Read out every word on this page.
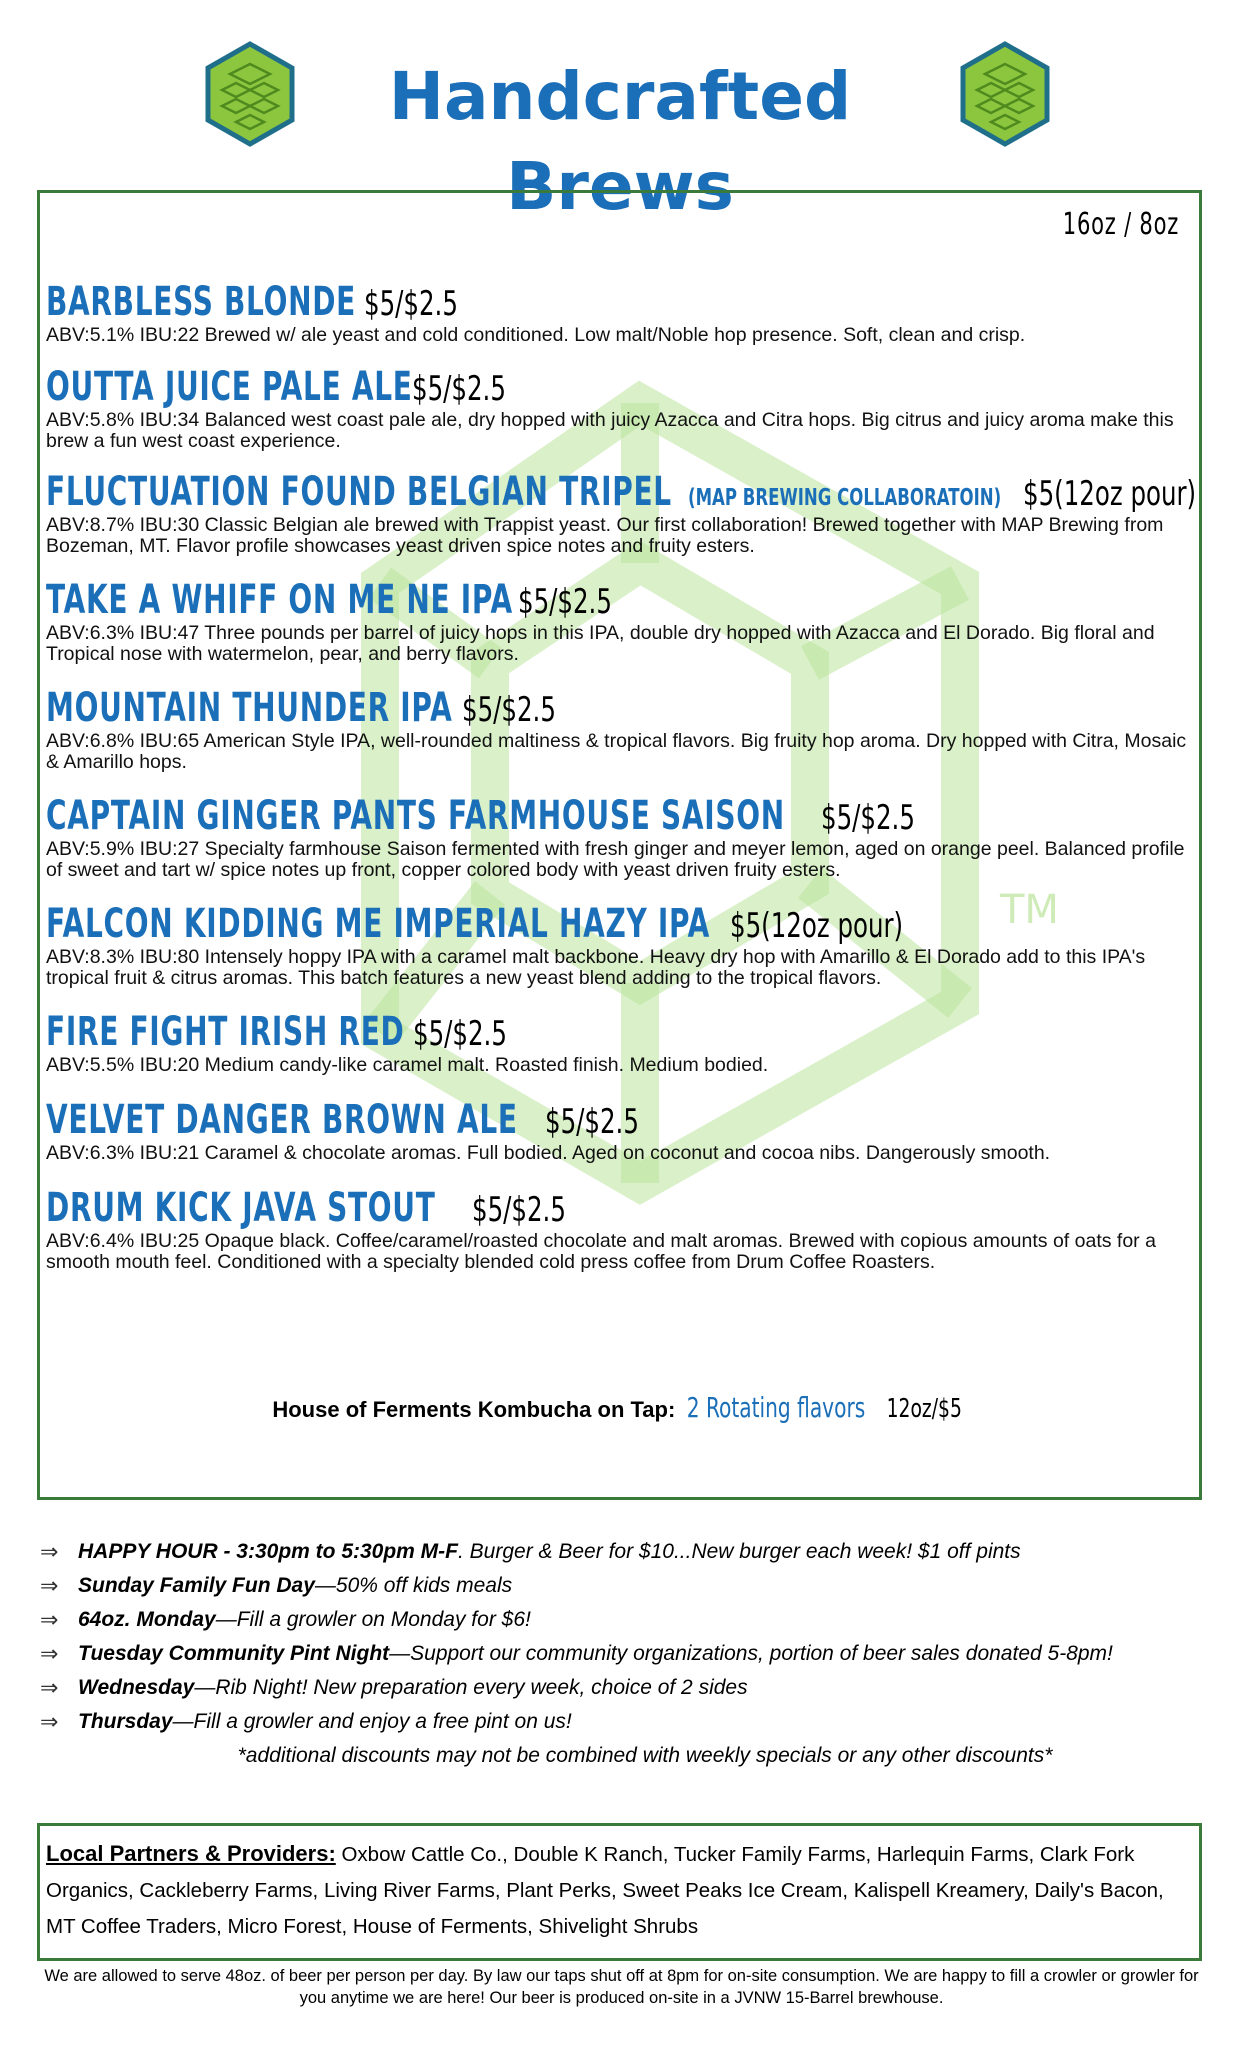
Handcrafted Brews
TM
16oz / 8oz
BARBLESS BLONDE $5/$2.5
ABV:5.1% IBU:22 Brewed w/ ale yeast and cold conditioned. Low malt/Noble hop presence. Soft, clean and crisp.
OUTTA JUICE PALE ALE$5/$2.5
ABV:5.8% IBU:34 Balanced west coast pale ale, dry hopped with juicy Azacca and Citra hops. Big citrus and juicy aroma make this brew a fun west coast experience.
FLUCTUATION FOUND BELGIAN TRIPEL (MAP BREWING COLLABORATOIN) $5(12oz pour)
ABV:8.7% IBU:30 Classic Belgian ale brewed with Trappist yeast. Our first collaboration! Brewed together with MAP Brewing from Bozeman, MT. Flavor profile showcases yeast driven spice notes and fruity esters.
TAKE A WHIFF ON ME NE IPA $5/$2.5
ABV:6.3% IBU:47 Three pounds per barrel of juicy hops in this IPA, double dry hopped with Azacca and El Dorado. Big floral and Tropical nose with watermelon, pear, and berry flavors.
MOUNTAIN THUNDER IPA $5/$2.5
ABV:6.8% IBU:65 American Style IPA, well-rounded maltiness & tropical flavors. Big fruity hop aroma. Dry hopped with Citra, Mosaic & Amarillo hops.
CAPTAIN GINGER PANTS FARMHOUSE SAISON $5/$2.5
ABV:5.9% IBU:27 Specialty farmhouse Saison fermented with fresh ginger and meyer lemon, aged on orange peel. Balanced profile of sweet and tart w/ spice notes up front, copper colored body with yeast driven fruity esters.
FALCON KIDDING ME IMPERIAL HAZY IPA $5(12oz pour)
ABV:8.3% IBU:80 Intensely hoppy IPA with a caramel malt backbone. Heavy dry hop with Amarillo & El Dorado add to this IPA's tropical fruit & citrus aromas. This batch features a new yeast blend adding to the tropical flavors.
FIRE FIGHT IRISH RED $5/$2.5
ABV:5.5% IBU:20 Medium candy-like caramel malt. Roasted finish. Medium bodied.
VELVET DANGER BROWN ALE $5/$2.5
ABV:6.3% IBU:21 Caramel & chocolate aromas. Full bodied. Aged on coconut and cocoa nibs. Dangerously smooth.
DRUM KICK JAVA STOUT $5/$2.5
ABV:6.4% IBU:25 Opaque black. Coffee/caramel/roasted chocolate and malt aromas. Brewed with copious amounts of oats for a smooth mouth feel. Conditioned with a specialty blended cold press coffee from Drum Coffee Roasters.
House of Ferments Kombucha on Tap: 2 Rotating flavors 12oz/$5
⇒ HAPPY HOUR - 3:30pm to 5:30pm M-F. Burger & Beer for $10...New burger each week! $1 off pints
⇒ Sunday Family Fun Day—50% off kids meals
⇒ 64oz. Monday—Fill a growler on Monday for $6!
⇒ Tuesday Community Pint Night—Support our community organizations, portion of beer sales donated 5-8pm!
⇒ Wednesday—Rib Night! New preparation every week, choice of 2 sides
⇒ Thursday—Fill a growler and enjoy a free pint on us!
*additional discounts may not be combined with weekly specials or any other discounts*
Local Partners & Providers: Oxbow Cattle Co., Double K Ranch, Tucker Family Farms, Harlequin Farms, Clark Fork Organics, Cackleberry Farms, Living River Farms, Plant Perks, Sweet Peaks Ice Cream, Kalispell Kreamery, Daily's Bacon, MT Coffee Traders, Micro Forest, House of Ferments, Shivelight Shrubs
We are allowed to serve 48oz. of beer per person per day. By law our taps shut off at 8pm for on-site consumption. We are happy to fill a crowler or growler for you anytime we are here! Our beer is produced on-site in a JVNW 15-Barrel brewhouse.
